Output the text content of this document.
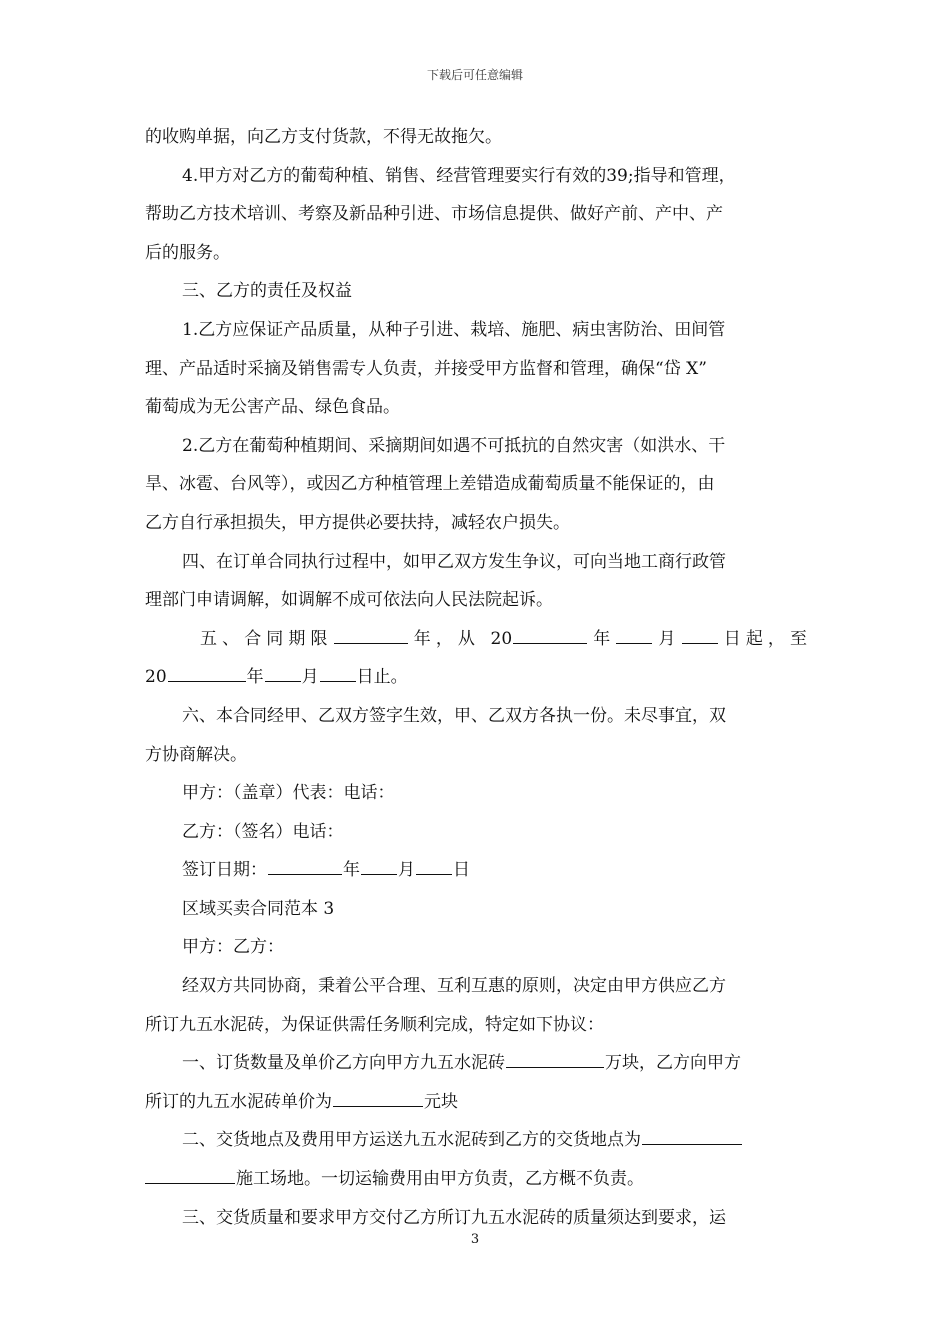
下载后可任意编辑

的收购单据，向乙方支付货款，不得无故拖欠。

4.甲方对乙方的葡萄种植、销售、经营管理要实行有效的39;指导和管理，

帮助乙方技术培训、考察及新品种引进、市场信息提供、做好产前、产中、产

后的服务。

三、乙方的责任及权益

1.乙方应保证产品质量，从种子引进、栽培、施肥、病虫害防治、田间管

理、产品适时采摘及销售需专人负责，并接受甲方监督和管理，确保“岱 X”

葡萄成为无公害产品、绿色食品。

2.乙方在葡萄种植期间、采摘期间如遇不可抵抗的自然灾害（如洪水、干

旱、冰雹、台风等），或因乙方种植管理上差错造成葡萄质量不能保证的，由

乙方自行承担损失，甲方提供必要扶持，减轻农户损失。

四、在订单合同执行过程中，如甲乙双方发生争议，可向当地工商行政管

理部门申请调解，如调解不成可依法向人民法院起诉。

五、合同期限	年，从 20	年 月 日起，至

20	年 月 日止。

六、本合同经甲、乙双方签字生效，甲、乙双方各执一份。未尽事宜，双

方协商解决。

甲方：（盖章）代表：电话：

乙方：（签名）电话：

签订日期：	年 月 日

区域买卖合同范本 3

甲方：乙方：

经双方共同协商，秉着公平合理、互利互惠的原则，决定由甲方供应乙方

所订九五水泥砖，为保证供需任务顺利完成，特定如下协议：

一、订货数量及单价乙方向甲方九五水泥砖	万块，乙方向甲方

所订的九五水泥砖单价为	元块

二、交货地点及费用甲方运送九五水泥砖到乙方的交货地点为

施工场地。一切运输费用由甲方负责，乙方概不负责。

三、交货质量和要求甲方交付乙方所订九五水泥砖的质量须达到要求，运

3
